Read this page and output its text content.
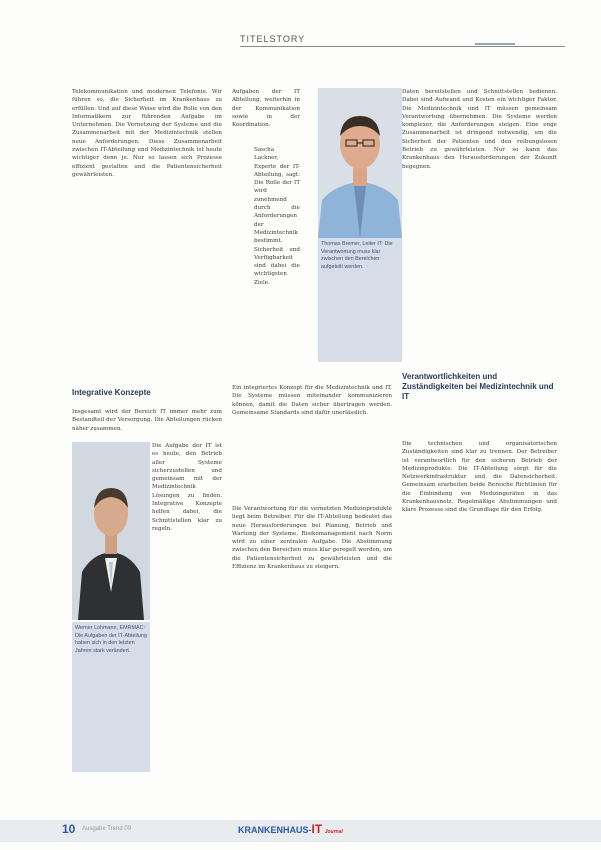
TITELSTORY
Telekommunikation und modernen Telefonie. Wir führen so, die Sicherheit im Krankenhaus zu erfüllen. Und auf diese Weise wird die Rolle von den Informatikern zur führenden Aufgabe im Unternehmen. Die Vernetzung der Systeme und die Zusammenarbeit mit der Medizintechnik stellen neue Anforderungen. Diese Zusammenarbeit zwischen IT-Abteilung und Medizintechnik ist heute wichtiger denn je. Nur so lassen sich Prozesse effizient gestalten und die Patientensicherheit gewährleisten.
Integrative Konzepte
Insgesamt wird der Bereich IT immer mehr zum Bestandteil der Versorgung. Die Abteilungen rücken näher zusammen.
Die Aufgabe der IT ist es heute, den Betrieb aller Systeme sicherzustellen und gemeinsam mit der Medizintechnik Lösungen zu finden. Integrative Konzepte helfen dabei, die Schnittstellen klar zu regeln.
Werner Lohmann, EMRMAC: Die Aufgaben der IT-Abteilung haben sich in den letzten Jahren stark verändert.
Aufgaben der IT Abteilung, weiterhin in der Kommunikation sowie in der Koordination.
Sascha Lackner, Experte der IT-Abteilung, sagt: Die Rolle der IT wird zunehmend durch die Anforderungen der Medizintechnik bestimmt. Sicherheit und Verfügbarkeit sind dabei die wichtigsten Ziele.
Ein integriertes Konzept für die Medizintechnik und IT. Die Systeme müssen miteinander kommunizieren können, damit die Daten sicher übertragen werden. Gemeinsame Standards sind dafür unerlässlich.
Die Verantwortung für die vernetzten Medizinprodukte liegt beim Betreiber. Für die IT-Abteilung bedeutet das neue Herausforderungen bei Planung, Betrieb und Wartung der Systeme. Risikomanagement nach Norm wird zu einer zentralen Aufgabe. Die Abstimmung zwischen den Bereichen muss klar geregelt werden, um die Patientensicherheit zu gewährleisten und die Effizienz im Krankenhaus zu steigern.
Thomas Bremer, Leiter IT: Die Verantwortung muss klar zwischen den Bereichen aufgeteilt werden.
Daten bereitstellen und Schnittstellen bedienen. Dabei sind Aufwand und Kosten ein wichtiger Faktor. Die Medizintechnik und IT müssen gemeinsam Verantwortung übernehmen. Die Systeme werden komplexer, die Anforderungen steigen. Eine enge Zusammenarbeit ist dringend notwendig, um die Sicherheit der Patienten und den reibungslosen Betrieb zu gewährleisten. Nur so kann das Krankenhaus den Herausforderungen der Zukunft begegnen.
Verantwortlichkeiten und Zuständigkeiten bei Medizintechnik und IT
Die technischen und organisatorischen Zuständigkeiten sind klar zu trennen. Der Betreiber ist verantwortlich für den sicheren Betrieb der Medizinprodukte. Die IT-Abteilung sorgt für die Netzwerkinfrastruktur und die Datensicherheit. Gemeinsam erarbeiten beide Bereiche Richtlinien für die Einbindung von Medizingeräten in das Krankenhausnetz. Regelmäßige Abstimmungen und klare Prozesse sind die Grundlage für den Erfolg.
10 Ausgabe Trend 09	KRANKENHAUS-IT Journal
